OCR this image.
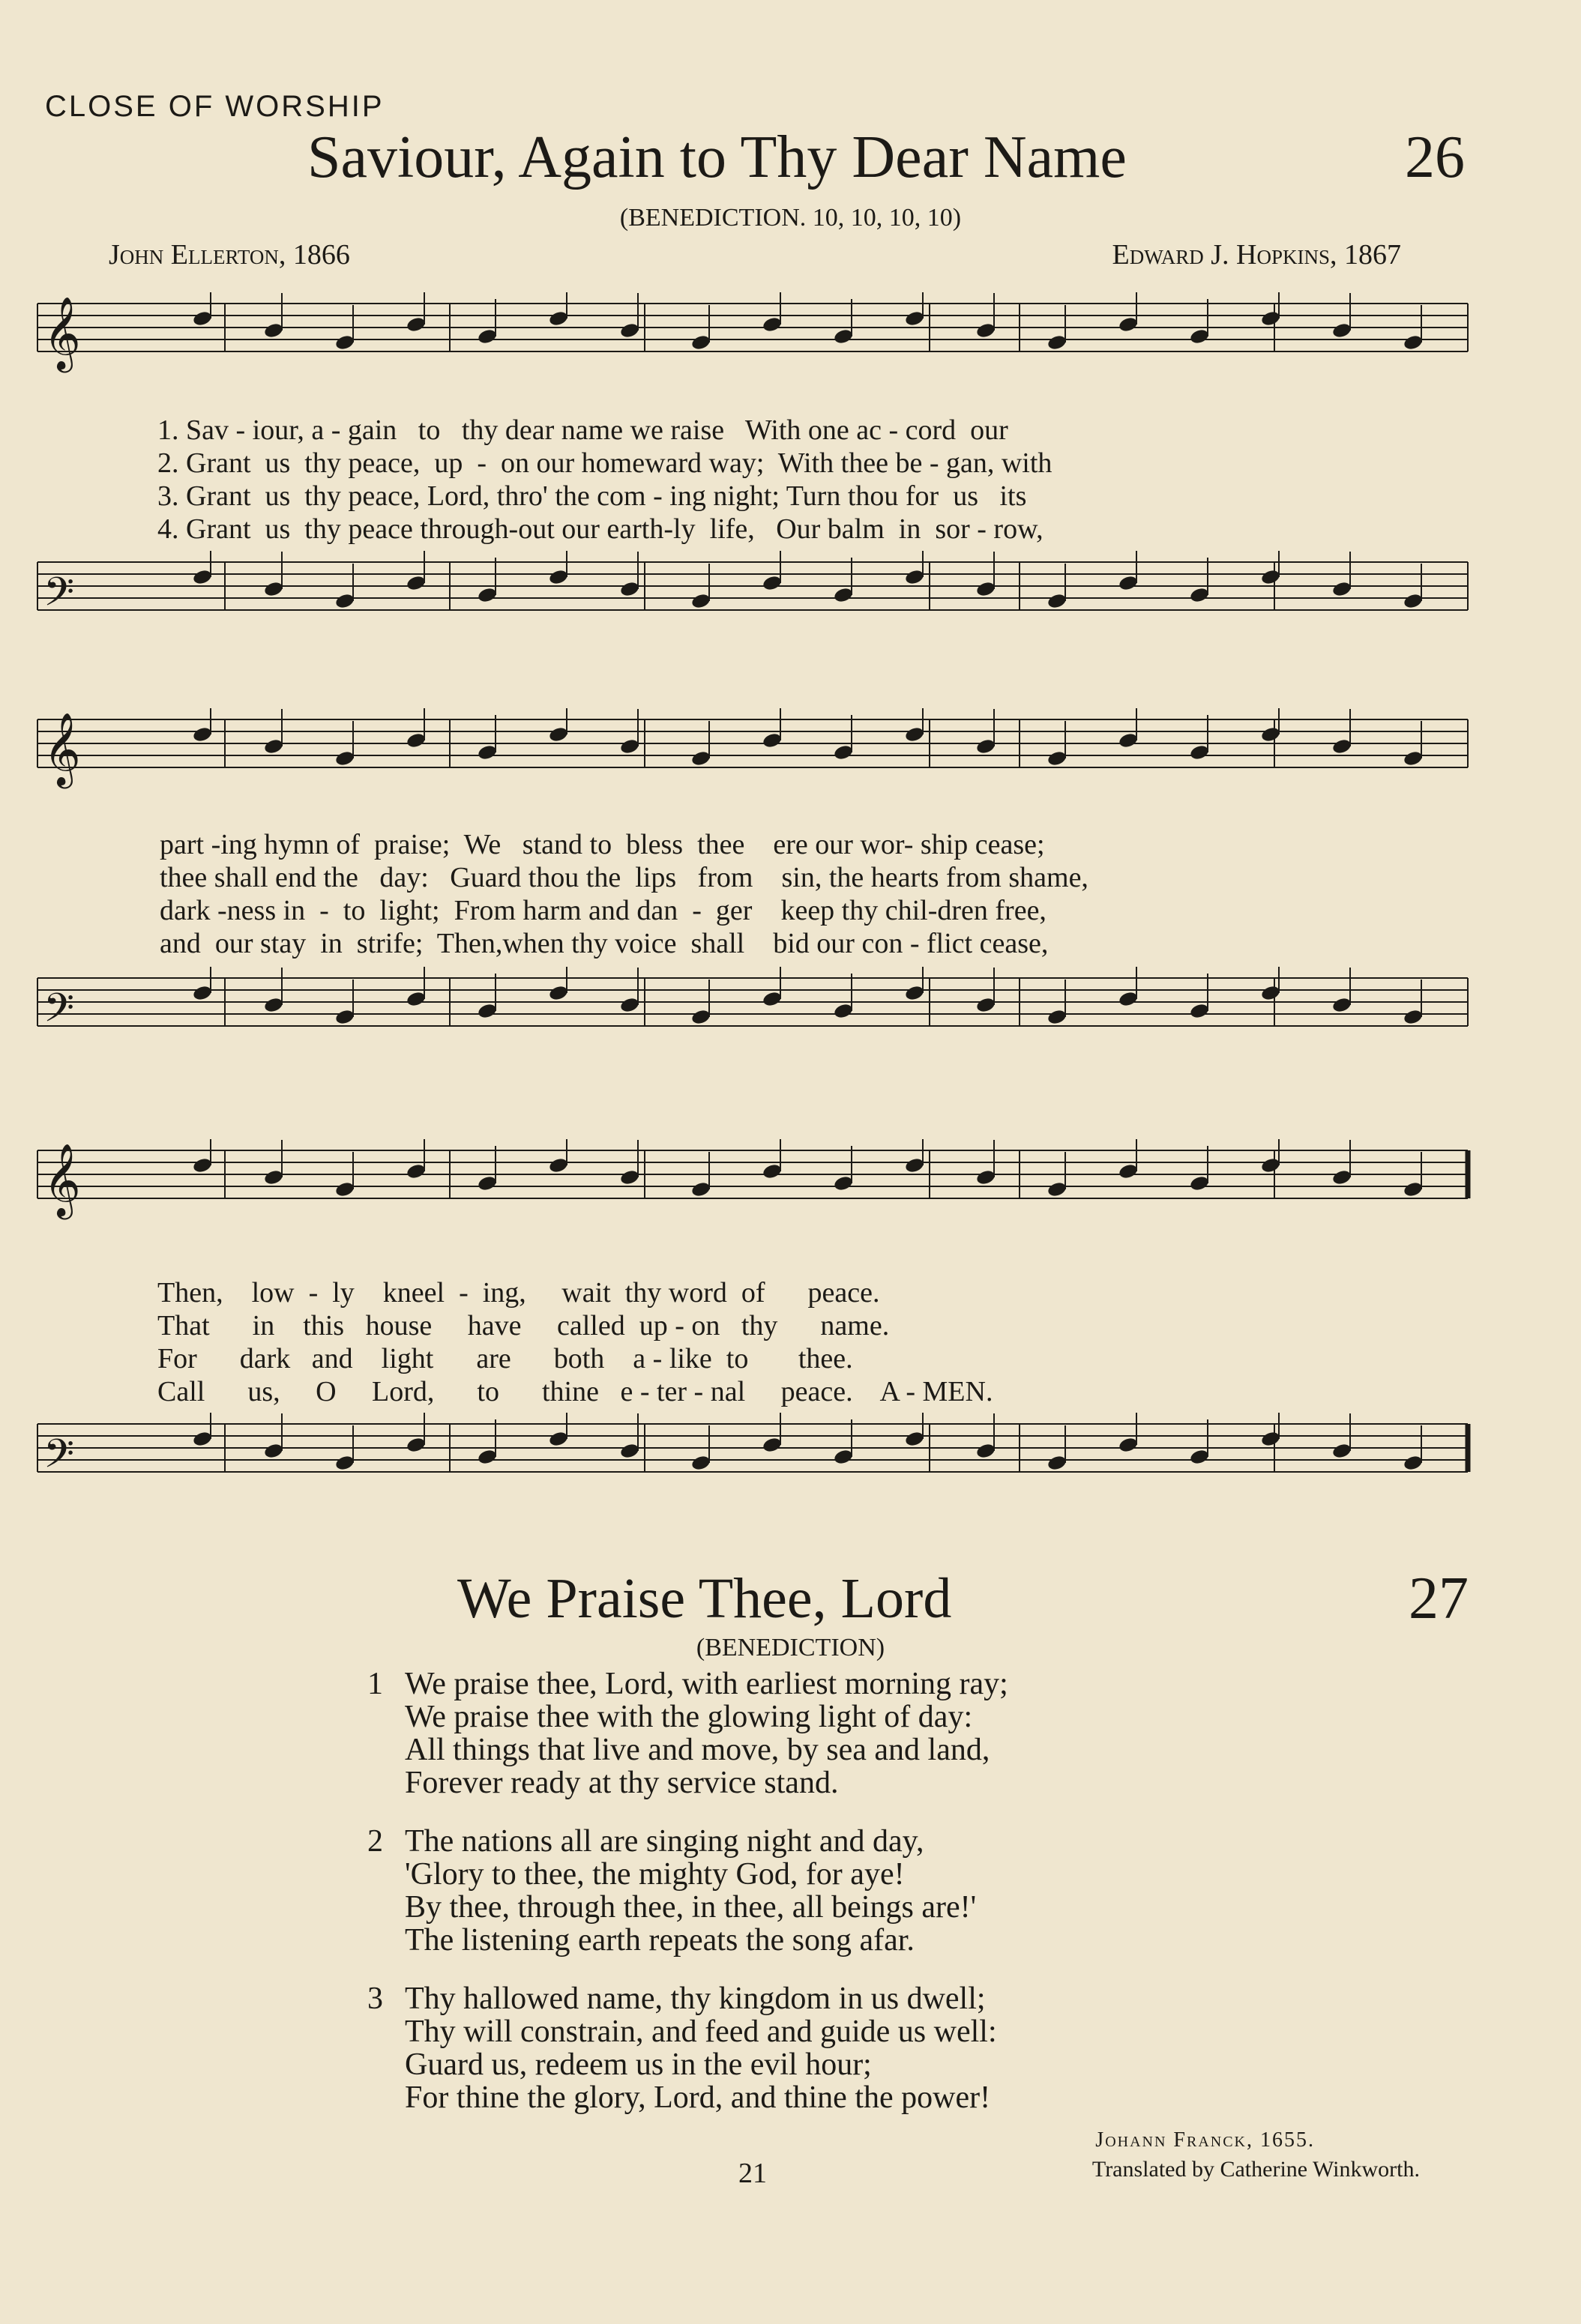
CLOSE OF WORSHIP
Saviour, Again to Thy Dear Name	26
(BENEDICTION. 10, 10, 10, 10)
John Ellerton, 1866	Edward J. Hopkins, 1867
𝄞
1. Sav - iour, a - gain   to   thy dear name we raise   With one ac - cord  our
2. Grant  us  thy peace,  up  -  on our homeward way;  With thee be - gan, with
3. Grant  us  thy peace, Lord, thro' the com - ing night; Turn thou for  us   its
4. Grant  us  thy peace through-out our earth-ly  life,   Our balm  in  sor - row,
𝄢
𝄞
part -ing hymn of  praise;  We   stand to  bless  thee    ere our wor- ship cease;
thee shall end the   day:   Guard thou the  lips   from    sin, the hearts from shame,
dark -ness in  -  to  light;  From harm and dan  -  ger    keep thy chil-dren free,
and  our stay  in  strife;  Then,when thy voice  shall    bid our con - flict cease,
𝄢
𝄞
Then,    low  -  ly    kneel  -  ing,     wait  thy word  of      peace.
That      in    this   house     have     called  up - on   thy      name.
For      dark   and    light      are      both    a - like  to       thee.
Call      us,     O     Lord,      to      thine   e - ter - nal     peace.    A - MEN.
𝄢
We Praise Thee, Lord	27
(BENEDICTION)
1 We praise thee, Lord, with earliest morning ray;
We praise thee with the glowing light of day:
All things that live and move, by sea and land,
Forever ready at thy service stand.
2 The nations all are singing night and day,
'Glory to thee, the mighty God, for aye!
By thee, through thee, in thee, all beings are!'
The listening earth repeats the song afar.
3 Thy hallowed name, thy kingdom in us dwell;
Thy will constrain, and feed and guide us well:
Guard us, redeem us in the evil hour;
For thine the glory, Lord, and thine the power!
Johann Franck, 1655.
Translated by Catherine Winkworth.
21
